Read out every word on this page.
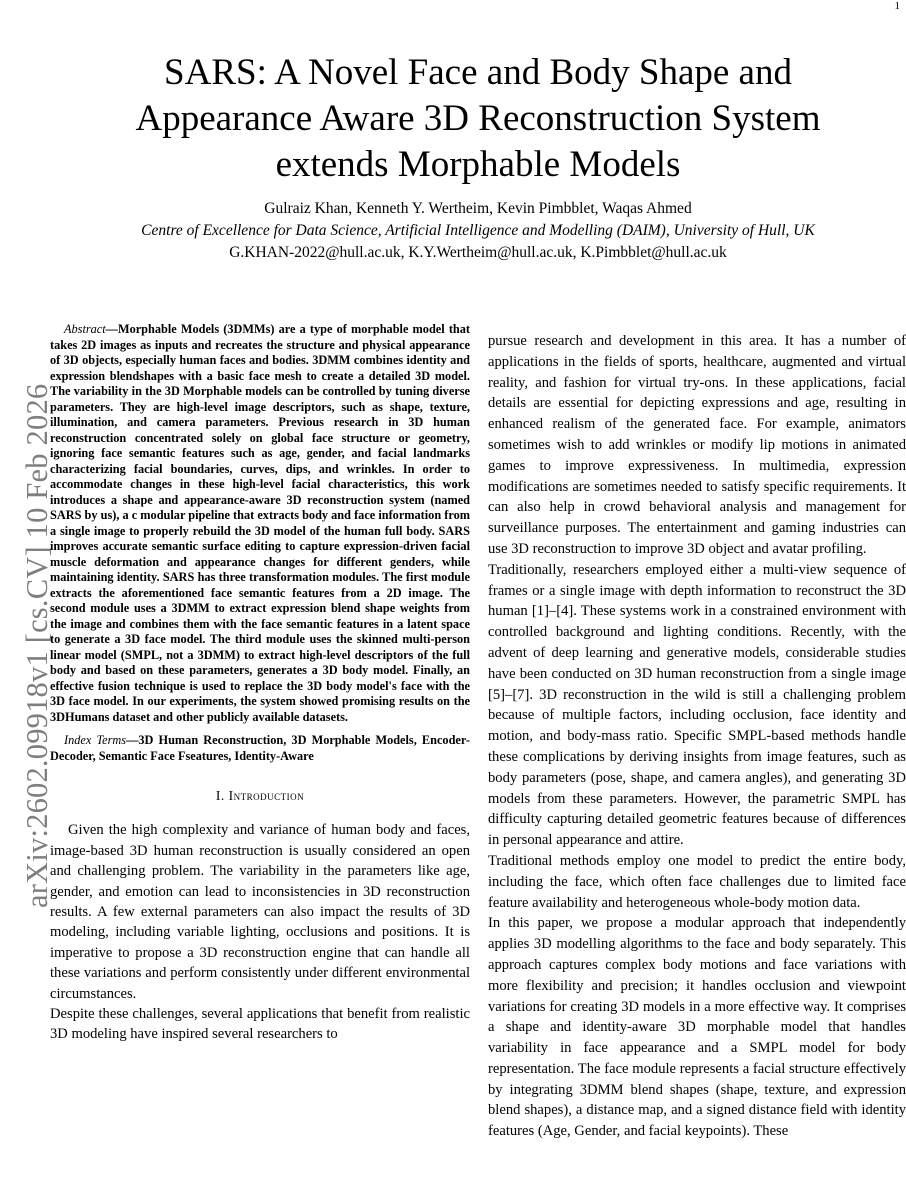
1
arXiv:2602.09918v1 [cs.CV] 10 Feb 2026
SARS: A Novel Face and Body Shape and
Appearance Aware 3D Reconstruction System
extends Morphable Models
Gulraiz Khan, Kenneth Y. Wertheim, Kevin Pimbblet, Waqas Ahmed
Centre of Excellence for Data Science, Artificial Intelligence and Modelling (DAIM), University of Hull, UK
G.KHAN-2022@hull.ac.uk, K.Y.Wertheim@hull.ac.uk, K.Pimbblet@hull.ac.uk

Abstract—Morphable Models (3DMMs) are a type of morphable model that takes 2D images as inputs and recreates the structure and physical appearance of 3D objects, especially human faces and bodies. 3DMM combines identity and expression blendshapes with a basic face mesh to create a detailed 3D model. The variability in the 3D Morphable models can be controlled by tuning diverse parameters. They are high-level image descriptors, such as shape, texture, illumination, and camera parameters. Previous research in 3D human reconstruction concentrated solely on global face structure or geometry, ignoring face semantic features such as age, gender, and facial landmarks characterizing facial boundaries, curves, dips, and wrinkles. In order to accommodate changes in these high-level facial characteristics, this work introduces a shape and appearance-aware 3D reconstruction system (named SARS by us), a c modular pipeline that extracts body and face information from a single image to properly rebuild the 3D model of the human full body. SARS improves accurate semantic surface editing to capture expression-driven facial muscle deformation and appearance changes for different genders, while maintaining identity. SARS has three transformation modules. The first module extracts the aforementioned face semantic features from a 2D image. The second module uses a 3DMM to extract expression blend shape weights from the image and combines them with the face semantic features in a latent space to generate a 3D face model. The third module uses the skinned multi-person linear model (SMPL, not a 3DMM) to extract high-level descriptors of the full body and based on these parameters, generates a 3D body model. Finally, an effective fusion technique is used to replace the 3D body model's face with the 3D face model. In our experiments, the system showed promising results on the 3DHumans dataset and other publicly available datasets.

Index Terms—3D Human Reconstruction, 3D Morphable Models, Encoder-Decoder, Semantic Face Fseatures, Identity-Aware

I. Introduction

Given the high complexity and variance of human body and faces, image-based 3D human reconstruction is usually considered an open and challenging problem. The variability in the parameters like age, gender, and emotion can lead to inconsistencies in 3D reconstruction results. A few external parameters can also impact the results of 3D modeling, including variable lighting, occlusions and positions. It is imperative to propose a 3D reconstruction engine that can handle all these variations and perform consistently under different environmental circumstances.

Despite these challenges, several applications that benefit from realistic 3D modeling have inspired several researchers to

pursue research and development in this area. It has a number of applications in the fields of sports, healthcare, augmented and virtual reality, and fashion for virtual try-ons. In these applications, facial details are essential for depicting expressions and age, resulting in enhanced realism of the generated face. For example, animators sometimes wish to add wrinkles or modify lip motions in animated games to improve expressiveness. In multimedia, expression modifications are sometimes needed to satisfy specific requirements. It can also help in crowd behavioral analysis and management for surveillance purposes. The entertainment and gaming industries can use 3D reconstruction to improve 3D object and avatar profiling.

Traditionally, researchers employed either a multi-view sequence of frames or a single image with depth information to reconstruct the 3D human [1]–[4]. These systems work in a constrained environment with controlled background and lighting conditions. Recently, with the advent of deep learning and generative models, considerable studies have been conducted on 3D human reconstruction from a single image [5]–[7]. 3D reconstruction in the wild is still a challenging problem because of multiple factors, including occlusion, face identity and motion, and body-mass ratio. Specific SMPL-based methods handle these complications by deriving insights from image features, such as body parameters (pose, shape, and camera angles), and generating 3D models from these parameters. However, the parametric SMPL has difficulty capturing detailed geometric features because of differences in personal appearance and attire.

Traditional methods employ one model to predict the entire body, including the face, which often face challenges due to limited face feature availability and heterogeneous whole-body motion data.

In this paper, we propose a modular approach that independently applies 3D modelling algorithms to the face and body separately. This approach captures complex body motions and face variations with more flexibility and precision; it handles occlusion and viewpoint variations for creating 3D models in a more effective way. It comprises a shape and identity-aware 3D morphable model that handles variability in face appearance and a SMPL model for body representation. The face module represents a facial structure effectively by integrating 3DMM blend shapes (shape, texture, and expression blend shapes), a distance map, and a signed distance field with identity features (Age, Gender, and facial keypoints). These
